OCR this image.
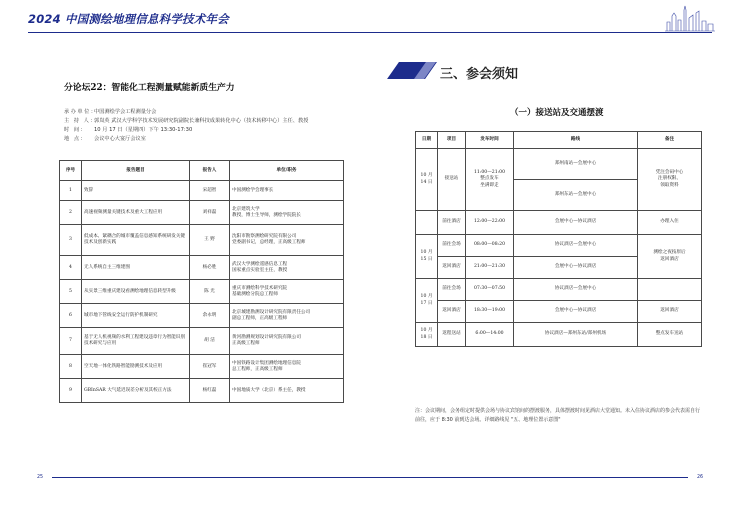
2024 中国测绘地理信息科学技术年会
分论坛22：智能化工程测量赋能新质生产力
承办单位：中国测绘学会工程测量分会
主 持 人：郭岚英 武汉大学科学技术发展研究院副院长兼科技成果转化中心（技术转移中心）主任、教授
时 间： 10 月 17 日（星期四）下午 13:30-17:30
地 点： 会议中心大宴厅会议室
序号	报告题目	报告人	单位/职务
1	致辞	宋超智	中国测绘学会理事长
2	高速视频测量关键技术及重大工程应用	刘祥磊	北京建筑大学
教授，博士生导师，测绘学院院长
3	低成本、紧耦合的城市覆盖信息感知系统研发关键技术及创新实践	王 野	沈阳市勘察测绘研究院有限公司
党委副书记，总经理，正高级工程师
4	无人系统自主三维建图	杨必胜	武汉大学测绘遥感信息工程
国家重点实验室主任，教授
5	从实景三维重庆建设看测绘地理信息转型升级	陈 光	重庆市测绘科学技术研究院
基础测绘分院总工程师
6	城市地下管线安全运行防护机制研究	余永明	北京城建勘测设计研究院有限责任公司
副总工程师，正高级工程师
7	基于无人机视频的水利工程建设违章行为智能识别技术研究与应用	胡 洁	黄河勘测规划设计研究院有限公司
正高级工程师
8	空天地一体化铁路智能勘测技术及应用	崔冠军	中国铁路设计集团测绘地理信息院
总工程师，正高级工程师
9	GBInSAR 大气延迟误差分析及其校正方法	杨红磊	中国地质大学（北京）系主任，教授
三、参会须知
（一）接送站及交通摆渡
日期	项目	发车时间	路线	备注
10 月 14 日	接送站	11:00—21:00
整点发车
坐满即走	郑州南站—会展中心	凭注会码中心
注册权限、
领取资料
			郑州东站—会展中心	
	前往酒店	12:00—22:00	会展中心—协议酒店	办理入住
10 月 15 日	前往会场	08:00—08:20	协议酒店—会展中心	测绘之夜按原后
返回酒店
	返回酒店	21:00—21:30	会展中心—协议酒店	
10 月 17 日	前往会场	07:30—07:50	协议酒店—会展中心	
	返回酒店	18:30—19:00	会展中心—协议酒店	返回酒店
10 月 18 日	返程送站	6:00—14:00	协议酒店—郑州东站/郑州机场	整点发车送站
注：会议期间，会务组定时提供会场与协议宾馆间的摆渡服务，具体摆渡时间见酒店大堂通知。未入住协议酒店的参会代表需自行前往，应于 8:30 前到达会场。详细路线见 "五、地理位置示意图"
25	26
